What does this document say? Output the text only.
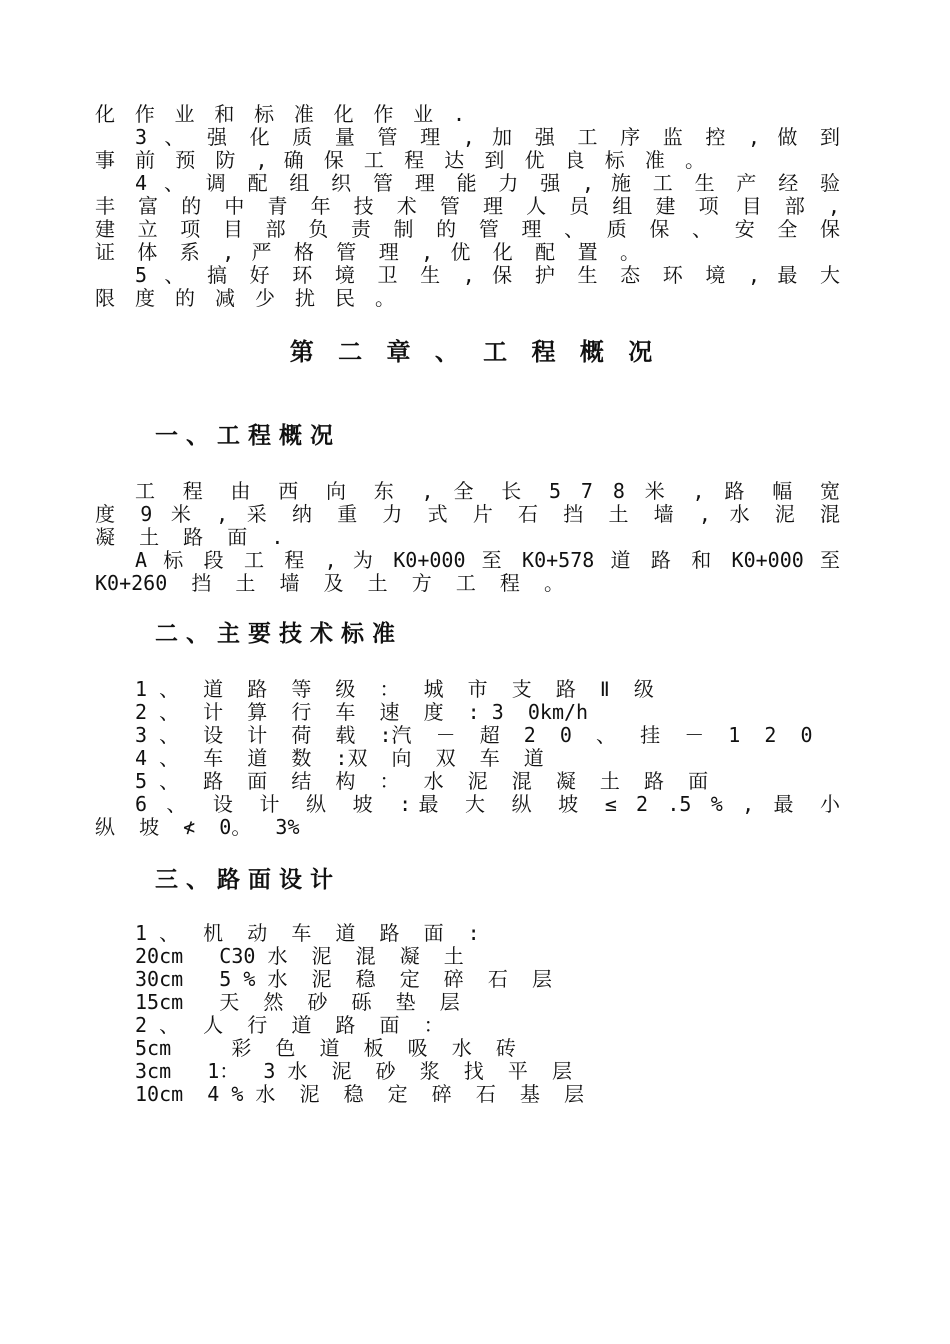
化 作 业 和 标 准 化 作 业 .
3 、 强 化 质 量 管 理 , 加 强 工 序 监 控 , 做 到
事 前 预 防 , 确 保 工 程 达 到 优 良 标 准 。
4 、 调 配 组 织 管 理 能 力 强 , 施 工 生 产 经 验
丰 富 的 中 青 年 技 术 管 理 人 员 组 建 项 目 部 ,
建 立 项 目 部 负 责 制 的 管 理 、 质 保 、 安 全 保
证 体 系 , 严 格 管 理 , 优 化 配 置 。
5 、 搞 好 环 境 卫 生 , 保 护 生 态 环 境 , 最 大
限 度 的 减 少 扰 民 。
第 二 章 、 工 程 概 况
一 、 工 程 概 况
工 程 由 西 向 东 , 全 长 5 7 8 米 , 路 幅 宽
度 9 米 , 采 纳 重 力 式 片 石 挡 土 墙 , 水 泥 混
凝  土  路  面  .
A 标 段 工 程 , 为 K0+000 至 K0+578 道 路 和 K0+000 至
K0+260  挡  土  墙  及  土  方  工  程  。
二 、 主 要 技 术 标 准
1 、  道  路  等  级  ：  城  市  支  路  Ⅱ  级
2 、  计  算  行  车  速  度  : 3  0km/h
3 、  设  计  荷  载  :汽  －  超  2  0  、  挂  －  1  2  0
4 、  车  道  数  :双  向  双  车  道
5 、  路  面  结  构  ：  水  泥  混  凝  土  路  面
6 、 设 计 纵 坡 :最 大 纵 坡 ≤ 2 .5 % , 最 小
纵  坡  ≮  0。  3%
三 、 路 面 设 计
1 、  机  动  车  道  路  面  :
20cm   C30 水  泥  混  凝  土
30cm   5 % 水  泥  稳  定  碎  石  层
15cm   天  然  砂  砾  垫  层
2 、  人  行  道  路  面  ：
5cm     彩  色  道  板  吸  水  砖
3cm   1：  3 水  泥  砂  浆  找  平  层
10cm  4 % 水  泥  稳  定  碎  石  基  层
